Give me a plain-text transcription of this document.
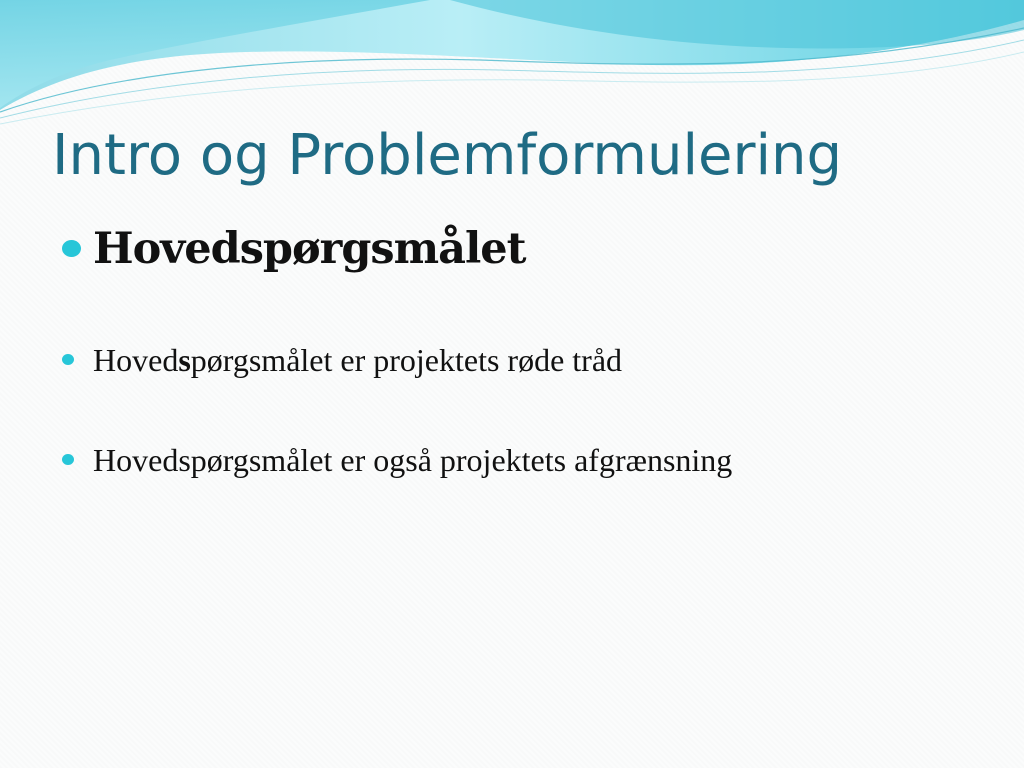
Intro og Problemformulering
Hovedspørgsmålet
Hovedspørgsmålet er projektets røde tråd
Hovedspørgsmålet er også projektets afgrænsning
